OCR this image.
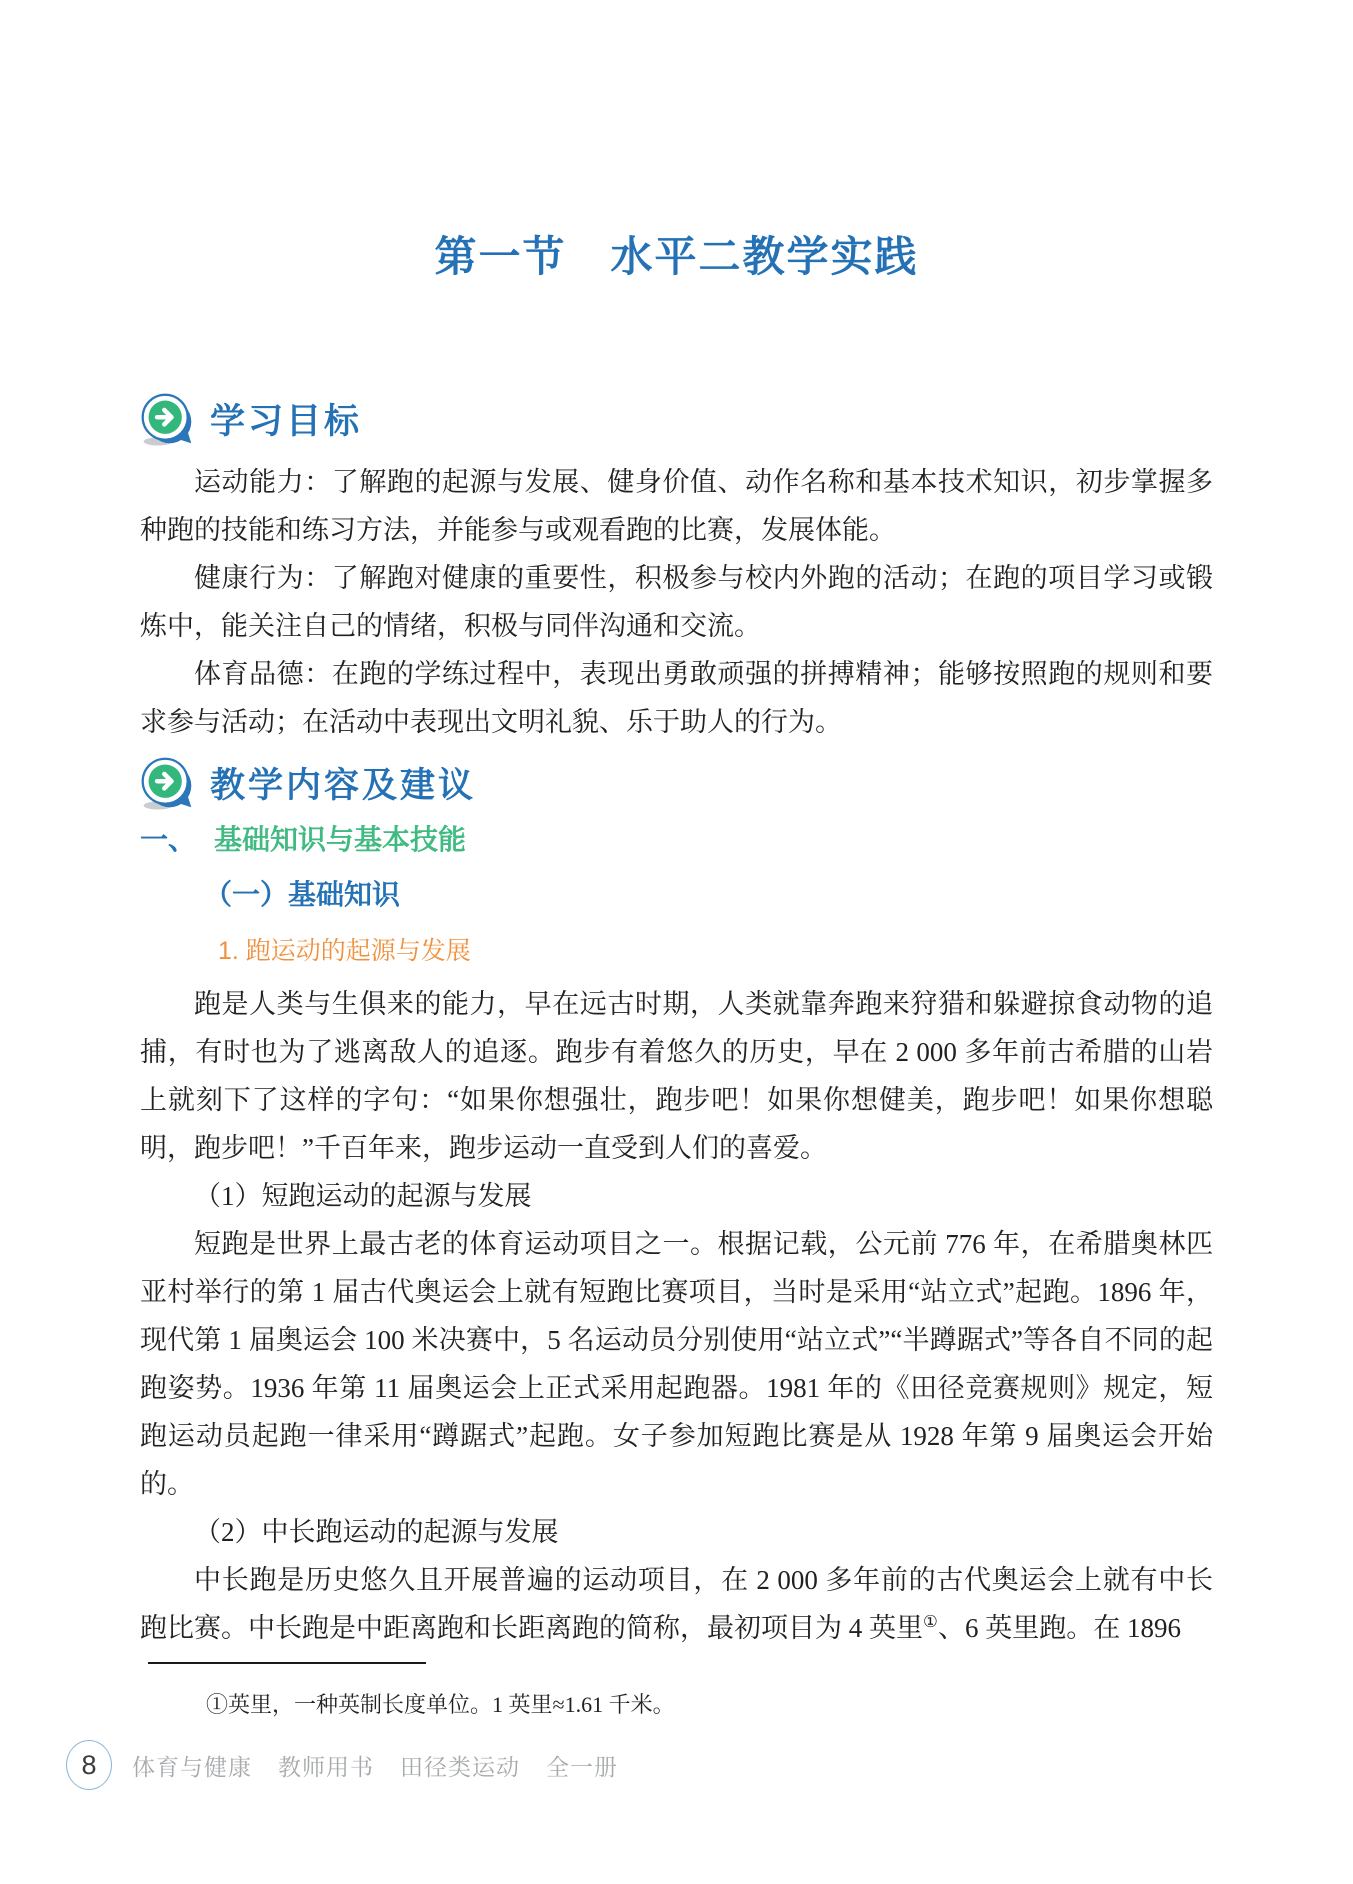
第一节　水平二教学实践
学习目标

运动能力：了解跑的起源与发展、健身价值、动作名称和基本技术知识，初步掌握多种跑的技能和练习方法，并能参与或观看跑的比赛，发展体能。

健康行为：了解跑对健康的重要性，积极参与校内外跑的活动；在跑的项目学习或锻炼中，能关注自己的情绪，积极与同伴沟通和交流。

体育品德：在跑的学练过程中，表现出勇敢顽强的拼搏精神；能够按照跑的规则和要求参与活动；在活动中表现出文明礼貌、乐于助人的行为。

教学内容及建议

一、 基础知识与基本技能

（一）基础知识

1. 跑运动的起源与发展

跑是人类与生俱来的能力，早在远古时期，人类就靠奔跑来狩猎和躲避掠食动物的追捕，有时也为了逃离敌人的追逐。跑步有着悠久的历史，早在 2 000 多年前古希腊的山岩上就刻下了这样的字句：“如果你想强壮，跑步吧！如果你想健美，跑步吧！如果你想聪明，跑步吧！”千百年来，跑步运动一直受到人们的喜爱。

（1）短跑运动的起源与发展

短跑是世界上最古老的体育运动项目之一。根据记载，公元前 776 年，在希腊奥林匹亚村举行的第 1 届古代奥运会上就有短跑比赛项目，当时是采用“站立式”起跑。1896 年，现代第 1 届奥运会 100 米决赛中，5 名运动员分别使用“站立式”“半蹲踞式”等各自不同的起跑姿势。1936 年第 11 届奥运会上正式采用起跑器。1981 年的《田径竞赛规则》规定，短跑运动员起跑一律采用“蹲踞式”起跑。女子参加短跑比赛是从 1928 年第 9 届奥运会开始的。

（2）中长跑运动的起源与发展

中长跑是历史悠久且开展普遍的运动项目，在 2 000 多年前的古代奥运会上就有中长跑比赛。中长跑是中距离跑和长距离跑的简称，最初项目为 4 英里①、6 英里跑。在 1896

①英里，一种英制长度单位。1 英里≈1.61 千米。

8	体育与健康 教师用书 田径类运动 全一册
